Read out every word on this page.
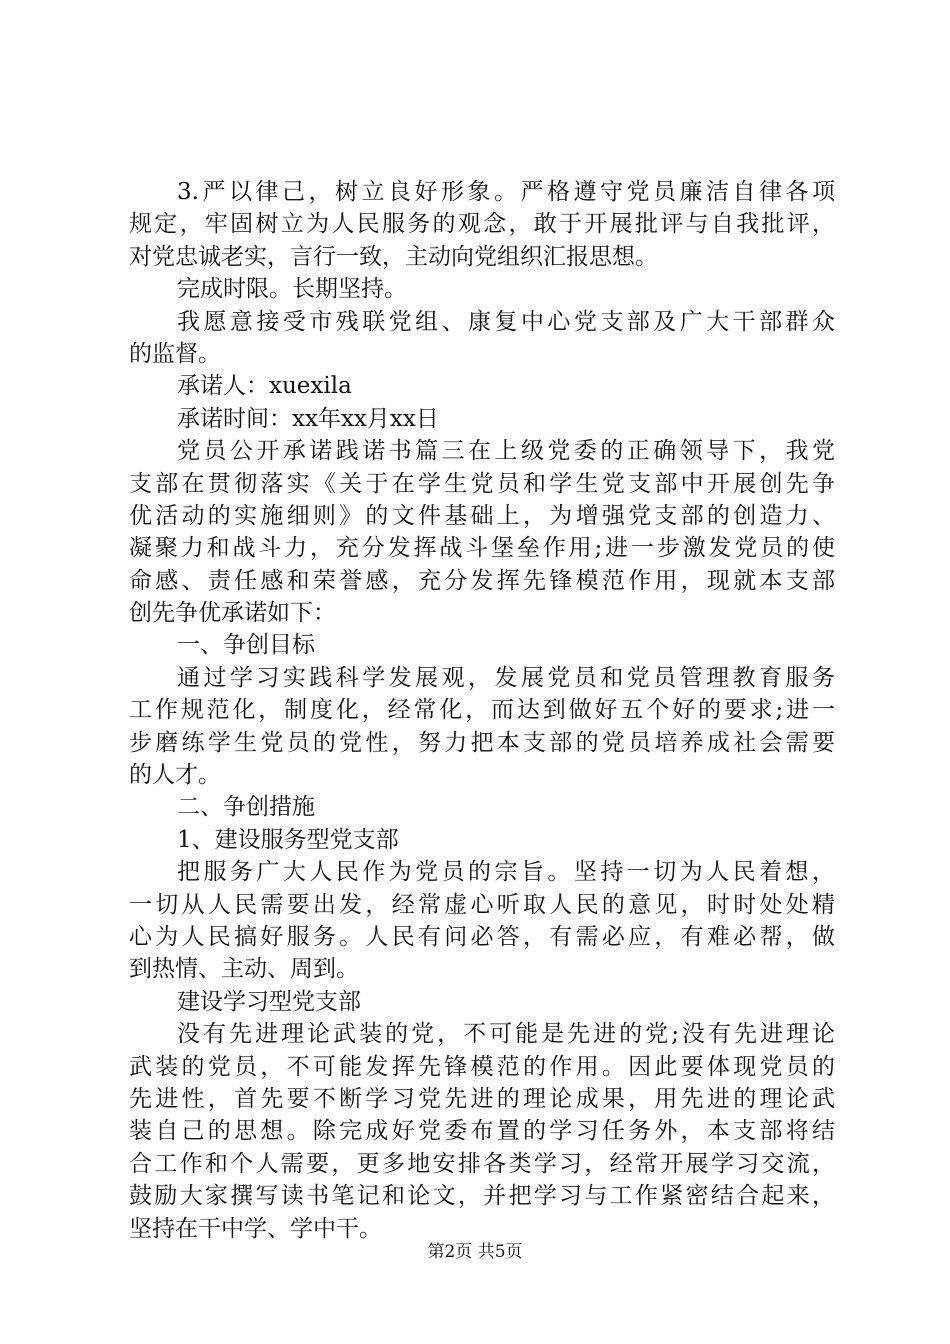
3.严以律己，树立良好形象。严格遵守党员廉洁自律各项
规定，牢固树立为人民服务的观念，敢于开展批评与自我批评，
对党忠诚老实，言行一致，主动向党组织汇报思想。
完成时限。长期坚持。
我愿意接受市残联党组、康复中心党支部及广大干部群众
的监督。
承诺人：xuexila
承诺时间：xx年xx月xx日
党员公开承诺践诺书篇三在上级党委的正确领导下，我党
支部在贯彻落实《关于在学生党员和学生党支部中开展创先争
优活动的实施细则》的文件基础上，为增强党支部的创造力、
凝聚力和战斗力，充分发挥战斗堡垒作用;进一步激发党员的使
命感、责任感和荣誉感，充分发挥先锋模范作用，现就本支部
创先争优承诺如下：
一、争创目标
通过学习实践科学发展观，发展党员和党员管理教育服务
工作规范化，制度化，经常化，而达到做好五个好的要求;进一
步磨练学生党员的党性，努力把本支部的党员培养成社会需要
的人才。
二、争创措施
1、建设服务型党支部
把服务广大人民作为党员的宗旨。坚持一切为人民着想，
一切从人民需要出发，经常虚心听取人民的意见，时时处处精
心为人民搞好服务。人民有问必答，有需必应，有难必帮，做
到热情、主动、周到。
建设学习型党支部
没有先进理论武装的党，不可能是先进的党;没有先进理论
武装的党员，不可能发挥先锋模范的作用。因此要体现党员的
先进性，首先要不断学习党先进的理论成果，用先进的理论武
装自己的思想。除完成好党委布置的学习任务外，本支部将结
合工作和个人需要，更多地安排各类学习，经常开展学习交流，
鼓励大家撰写读书笔记和论文，并把学习与工作紧密结合起来，
坚持在干中学、学中干。
第2页 共5页
